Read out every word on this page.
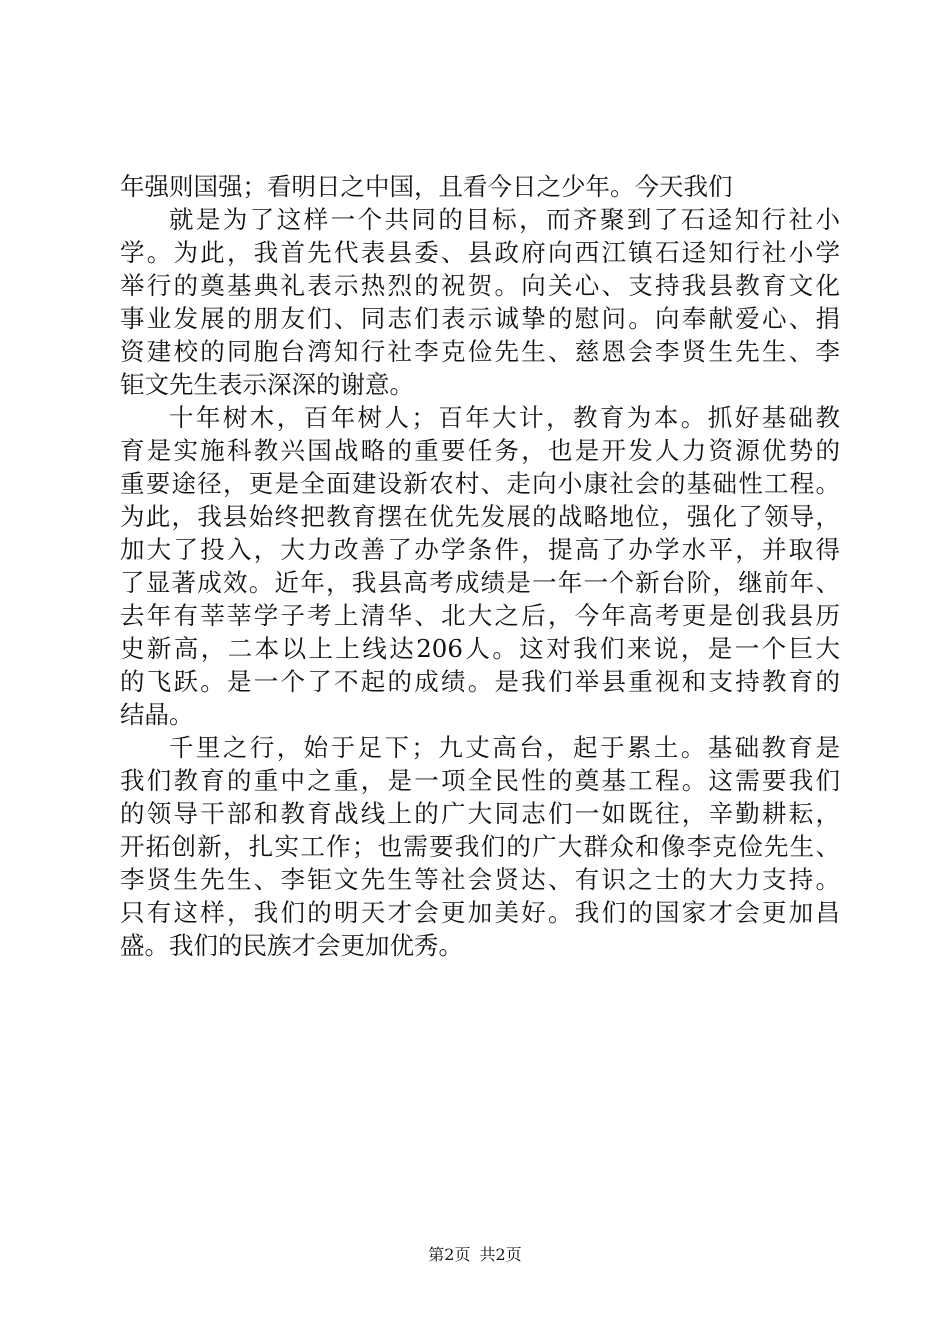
年强则国强；看明日之中国，且看今日之少年。今天我们
就是为了这样一个共同的目标，而齐聚到了石迳知行社小
学。为此，我首先代表县委、县政府向西江镇石迳知行社小学
举行的奠基典礼表示热烈的祝贺。向关心、支持我县教育文化
事业发展的朋友们、同志们表示诚挚的慰问。向奉献爱心、捐
资建校的同胞台湾知行社李克俭先生、慈恩会李贤生先生、李
钜文先生表示深深的谢意。
十年树木，百年树人；百年大计，教育为本。抓好基础教
育是实施科教兴国战略的重要任务，也是开发人力资源优势的
重要途径，更是全面建设新农村、走向小康社会的基础性工程。
为此，我县始终把教育摆在优先发展的战略地位，强化了领导，
加大了投入，大力改善了办学条件，提高了办学水平，并取得
了显著成效。近年，我县高考成绩是一年一个新台阶，继前年、
去年有莘莘学子考上清华、北大之后，今年高考更是创我县历
史新高，二本以上上线达206人。这对我们来说，是一个巨大
的飞跃。是一个了不起的成绩。是我们举县重视和支持教育的
结晶。
千里之行，始于足下；九丈高台，起于累土。基础教育是
我们教育的重中之重，是一项全民性的奠基工程。这需要我们
的领导干部和教育战线上的广大同志们一如既往，辛勤耕耘，
开拓创新，扎实工作；也需要我们的广大群众和像李克俭先生、
李贤生先生、李钜文先生等社会贤达、有识之士的大力支持。
只有这样，我们的明天才会更加美好。我们的国家才会更加昌
盛。我们的民族才会更加优秀。
第2页 共2页
